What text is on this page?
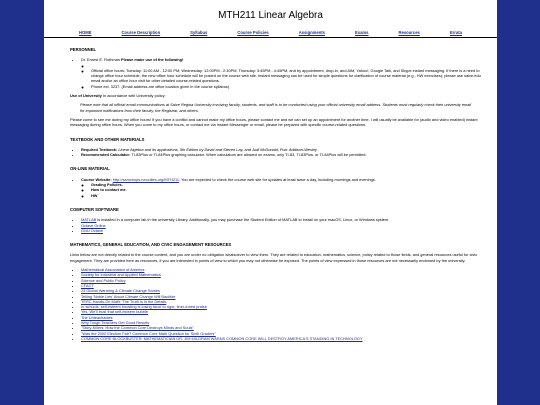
MTH211 Linear Algebra
HOME	Course Description	Syllabus	Course Policies	Assignments	Exams	Resources	Errata
PERSONNEL
• Dr. Ernest E. Rothman Please make use of the following!
◦
◦ Official office hours: Tuesday: 11:00 AM - 12:00 PM; Wednesday: 12:00PM - 2:30PM, Thursday: 3:45PM - 4:45PM, and by appointment, drop-in, and AIM, Yahoo!, Google Talk, and Skype instant messaging. If there is a need to change office hour schedule, the new office hour schedule will be posted on the course web site. Instant messaging can be used for simple questions for clarification of course material (e.g., HW exercises); please use salve.edu email and/or an office hour visit for other detailed course-related questions.
◦ Phone ext. 3237. (Email address are office location given in the course syllabus)

Use of University In accordance with University policy:

Please note that all official email communications at Salve Regina University involving faculty, students, and staff is to be conducted using your official university email address. Students must regularly check their university email for important notifications from their faculty, the Registrar, and others.

Please come to see me during my office hours! If you have a conflict and cannot make my office hours, please contact me and we can set up an appointment for another time. I will usually be available for (audio and video enabled) instant messaging during office hours. When you come to my office hours, or contact me via Instant Messenger or email, please be prepared with specific course-related questions.

TEXTBOOK AND OTHER MATERIALS
• Required Textbook: Linear Algebra and its applications, 5th Edition by David and Steven Lay, and Judi McDonald, Pub: Addison-Wesley.
• Recommended Calculator: TI-83Plus or TI-84Plus graphing calculator. When calculators are allowed on exams, only TI-83, TI-83Plus, or TI-84Plus will be permitted.
ON-LINE MATERIAL
• Course Website: http://samchops.neocities.org/MTH211. You are expected to check the course web site for updates at least twice a day, including mornings and evenings.
◦ Grading Policies.
◦ How to contact me.
◦ HW
COMPUTER SOFTWARE
• MATLAB is installed in a computer lab in the university Library. Additionally, you may purchase the Student Edition of MATLAB to install on your macOS, Linux, or Windows system.
• Octave Online
• GNU Octave
MATHEMATICS, GENERAL EDUCATION, AND CIVIC ENGAGEMENT RESOURCES

Links below are not directly related to the course content, and you are under no obligation whatsoever to view them. They are related to education, mathematics, science, policy related to those fields, and general resources useful for civic engagement. They are provided here as resources, if you are interested in points of view to which you may not otherwise be exposed. The points of view expressed in those resources are not necessarily endorsed by the university.

• Mathematical Association of America
• Society for Industrial and Applied Mathematics
• Science and Public Policy
• CFACT
• 23 Global Warming & Climate Change Stories
• Telling 'Noble Lies' About Climate Change Will Backfire
• TERC Hands-On Math: The Truth is in the Details
• In schools, self-esteem boosting is losing favor to rigor, finer-tuned praise
• Yes, We'll trust that self-esteem bubble
• The Unteachables
• Why Tough Teachers Get Good Results
• "Story-Killers: How the Common Core Destroys Minds and Souls"
• "Was the 2000 Election Fair? Common Core Math Question for Sixth Graders"
• COMMON CORE BLOCKBUSTER: MATHEMATICIAN DR. JIM MILGRAM WARNS COMMON CORE WILL DESTROY AMERICA'S STANDING IN TECHNOLOGY
